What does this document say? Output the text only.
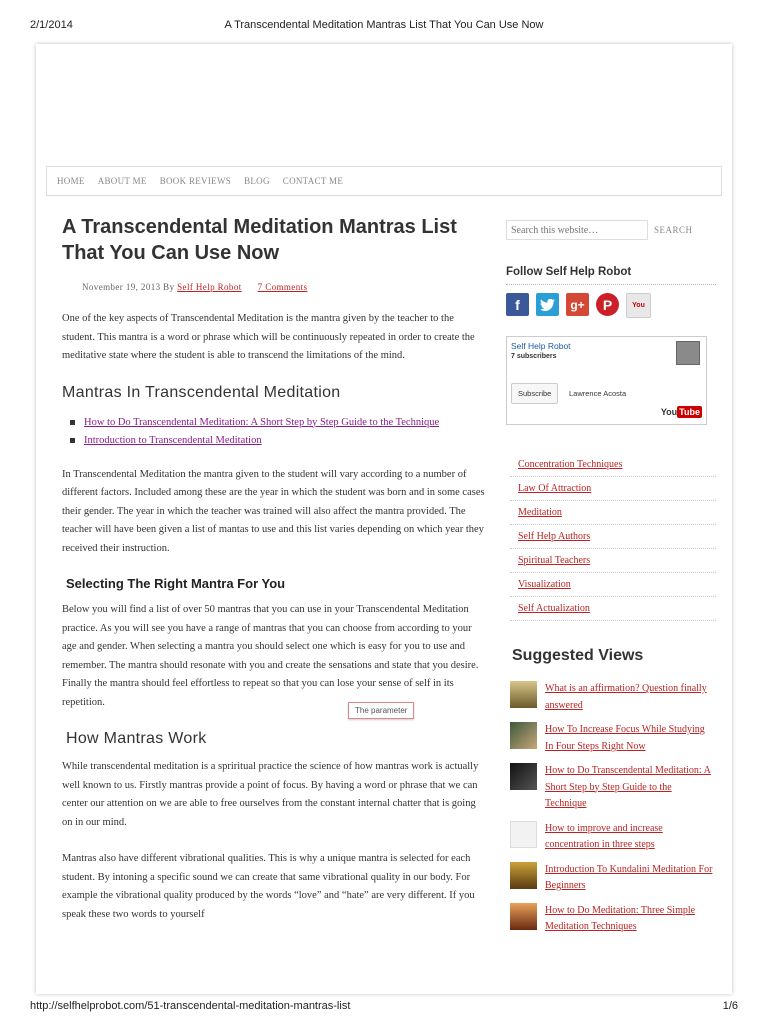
2/1/2014	A Transcendental Meditation Mantras List That You Can Use Now
HOME	ABOUT ME	BOOK REVIEWS	BLOG	CONTACT ME
A Transcendental Meditation Mantras List That You Can Use Now
November 19, 2013 By Self Help Robot 7 Comments

One of the key aspects of Transcendental Meditation is the mantra given by the teacher to the student. This mantra is a word or phrase which will be continuously repeated in order to create the meditative state where the student is able to transcend the limitations of the mind.

Mantras In Transcendental Meditation
How to Do Transcendental Meditation: A Short Step by Step Guide to the Technique
Introduction to Transcendental Meditation

In Transcendental Meditation the mantra given to the student will vary according to a number of different factors. Included among these are the year in which the student was born and in some cases their gender. The year in which the teacher was trained will also affect the mantra provided. The teacher will have been given a list of mantas to use and this list varies depending on which year they received their instruction.

Selecting The Right Mantra For You

Below you will find a list of over 50 mantras that you can use in your Transcendental Meditation practice. As you will see you have a range of mantras that you can choose from according to your age and gender. When selecting a mantra you should select one which is easy for you to use and remember. The mantra should resonate with you and create the sensations and state that you desire. Finally the mantra should feel effortless to repeat so that you can lose your sense of self in its repetition.

How Mantras Work

While transcendental meditation is a spriritual practice the science of how mantras work is actually well known to us. Firstly mantras provide a point of focus. By having a word or phrase that we can center our attention on we are able to free ourselves from the constant internal chatter that is going on in our mind.

Mantras also have different vibrational qualities. This is why a unique mantra is selected for each student. By intoning a specific sound we can create that same vibrational quality in our body. For example the vibrational quality produced by the words “love” and “hate” are very different. If you speak these two words to yourself

The parameter
Search this website…
SEARCH
Follow Self Help Robot
f	g+	P	You
Self Help Robot
7 subscribers
Subscribe	Lawrence Acosta
You Tube
Concentration Techniques
Law Of Attraction
Meditation
Self Help Authors
Spiritual Teachers
Visualization
Self Actualization
Suggested Views
What is an affirmation? Question finally answered
How To Increase Focus While Studying In Four Steps Right Now
How to Do Transcendental Meditation: A Short Step by Step Guide to the Technique
How to improve and increase concentration in three steps
Introduction To Kundalini Meditation For Beginners
How to Do Meditation: Three Simple Meditation Techniques
http://selfhelprobot.com/51-transcendental-meditation-mantras-list	1/6
